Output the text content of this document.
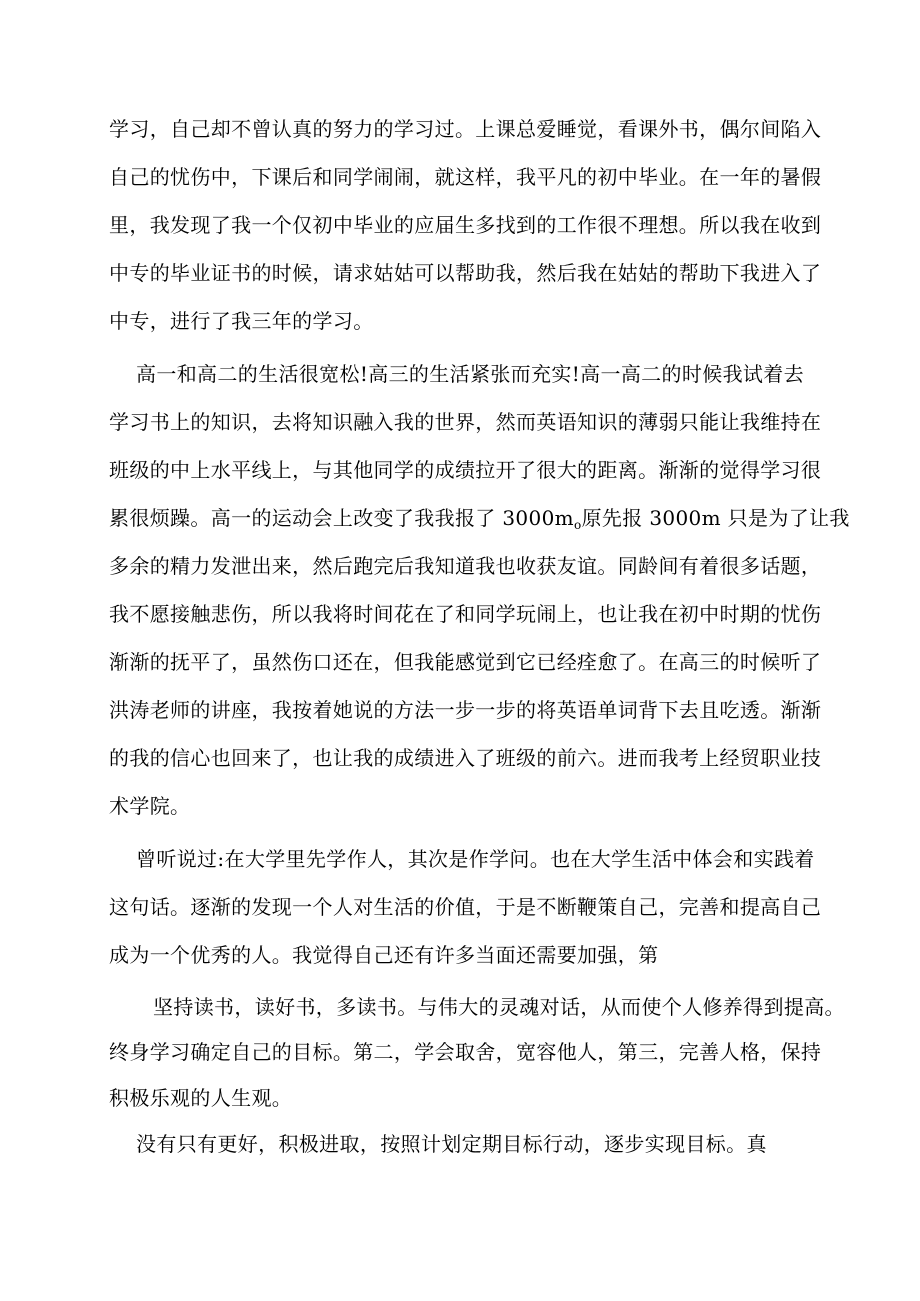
学习，自己却不曾认真的努力的学习过。上课总爱睡觉，看课外书，偶尔间陷入
自己的忧伤中，下课后和同学闹闹，就这样，我平凡的初中毕业。在一年的暑假
里，我发现了我一个仅初中毕业的应届生多找到的工作很不理想。所以我在收到
中专的毕业证书的时候，请求姑姑可以帮助我，然后我在姑姑的帮助下我进入了
中专，进行了我三年的学习。
高一和高二的生活很宽松!高三的生活紧张而充实!高一高二的时候我试着去
学习书上的知识，去将知识融入我的世界，然而英语知识的薄弱只能让我维持在
班级的中上水平线上，与其他同学的成绩拉开了很大的距离。渐渐的觉得学习很
累很烦躁。高一的运动会上改变了我我报了 $3000m_o$原先报 3000m 只是为了让我
多余的精力发泄出来，然后跑完后我知道我也收获友谊。同龄间有着很多话题，
我不愿接触悲伤，所以我将时间花在了和同学玩闹上，也让我在初中时期的忧伤
渐渐的抚平了，虽然伤口还在，但我能感觉到它已经痊愈了。在高三的时候听了
洪涛老师的讲座，我按着她说的方法一步一步的将英语单词背下去且吃透。渐渐
的我的信心也回来了，也让我的成绩进入了班级的前六。进而我考上经贸职业技
术学院。
曾听说过:在大学里先学作人，其次是作学问。也在大学生活中体会和实践着
这句话。逐渐的发现一个人对生活的价值，于是不断鞭策自己，完善和提高自己
成为一个优秀的人。我觉得自己还有许多当面还需要加强，第
坚持读书，读好书，多读书。与伟大的灵魂对话，从而使个人修养得到提高。
终身学习确定自己的目标。第二，学会取舍，宽容他人，第三，完善人格，保持
积极乐观的人生观。
没有只有更好，积极进取，按照计划定期目标行动，逐步实现目标。真
